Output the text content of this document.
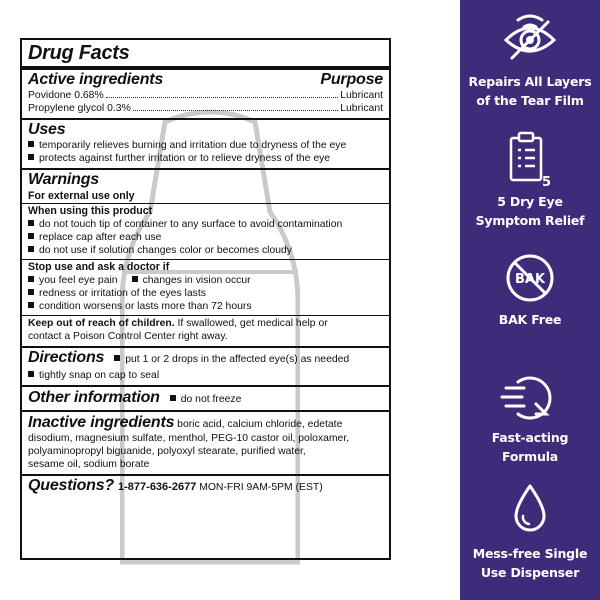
Drug Facts
Active ingredients	Purpose
Povidone 0.68%	Lubricant
Propylene glycol 0.3%	Lubricant
Uses
temporarily relieves burning and irritation due to dryness of the eye
protects against further irritation or to relieve dryness of the eye
Warnings
For external use only
When using this product
do not touch tip of container to any surface to avoid contamination
replace cap after each use
do not use if solution changes color or becomes cloudy
Stop use and ask a doctor if
you feel eye pain changes in vision occur
redness or irritation of the eyes lasts
condition worsens or lasts more than 72 hours
Keep out of reach of children. If swallowed, get medical help or
contact a Poison Control Center right away.
Directions put 1 or 2 drops in the affected eye(s) as needed
tightly snap on cap to seal
Other information do not freeze
Inactive ingredients boric acid, calcium chloride, edetate
disodium, magnesium sulfate, menthol, PEG-10 castor oil, poloxamer,
polyaminopropyl biguanide, polyoxyl stearate, purified water,
sesame oil, sodium borate
Questions? 1-877-636-2677 MON-FRI 9AM-5PM (EST)
Repairs All Layers
of the Tear Film
5
5 Dry Eye
Symptom Relief
BAK
BAK Free
Fast-acting
Formula
Mess-free Single
Use Dispenser
